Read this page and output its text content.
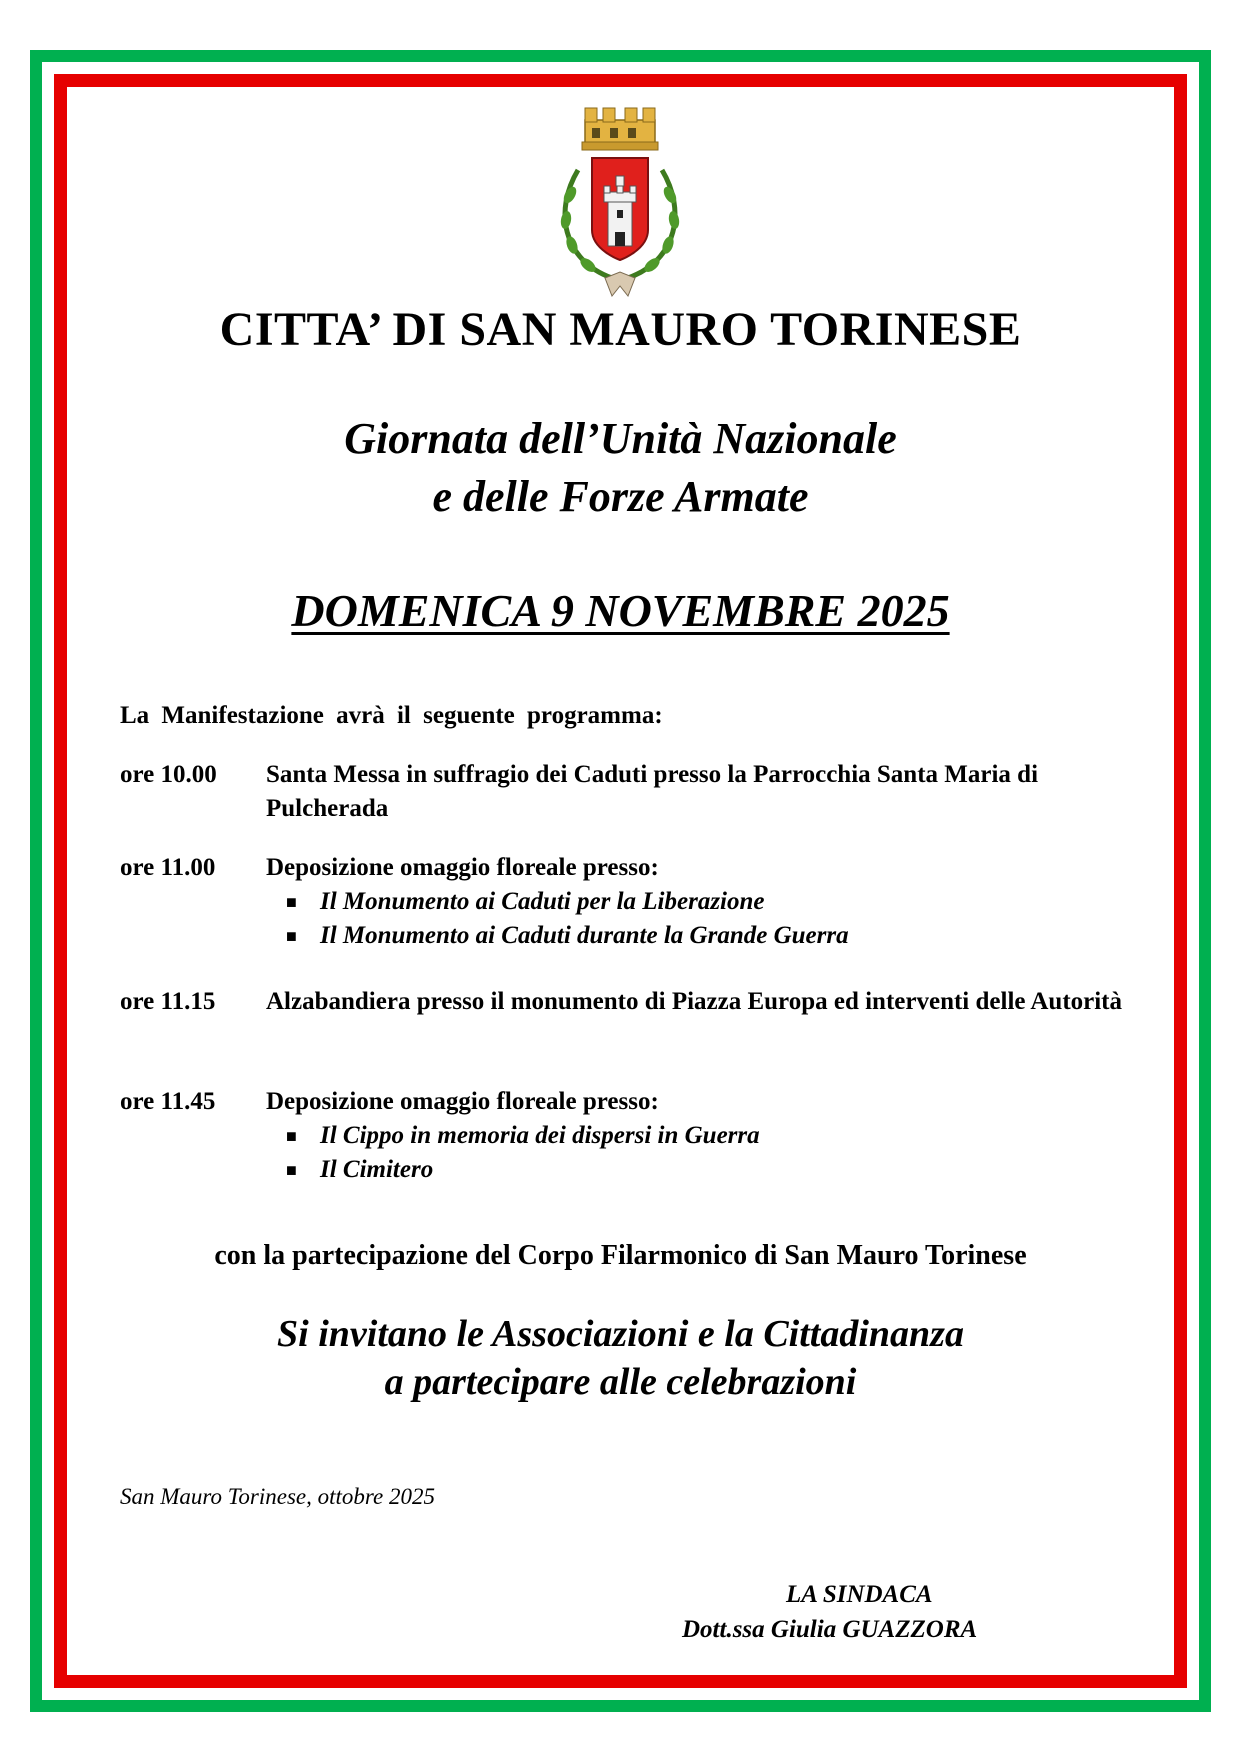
CITTA’ DI SAN MAURO TORINESE
Giornata dell’Unità Nazionale
e delle Forze Armate
DOMENICA 9 NOVEMBRE 2025
La Manifestazione avrà il seguente programma:
ore 10.00	Santa Messa in suffragio dei Caduti presso la Parrocchia Santa Maria di Pulcherada
ore 11.00	Deposizione omaggio floreale presso:
■ Il Monumento ai Caduti per la Liberazione
■ Il Monumento ai Caduti durante la Grande Guerra
ore 11.15	Alzabandiera presso il monumento di Piazza Europa ed interventi delle Autorità
ore 11.45	Deposizione omaggio floreale presso:
■ Il Cippo in memoria dei dispersi in Guerra
■ Il Cimitero
con la partecipazione del Corpo Filarmonico di San Mauro Torinese
Si invitano le Associazioni e la Cittadinanza
a partecipare alle celebrazioni
San Mauro Torinese, ottobre 2025
LA SINDACA
Dott.ssa Giulia GUAZZORA
